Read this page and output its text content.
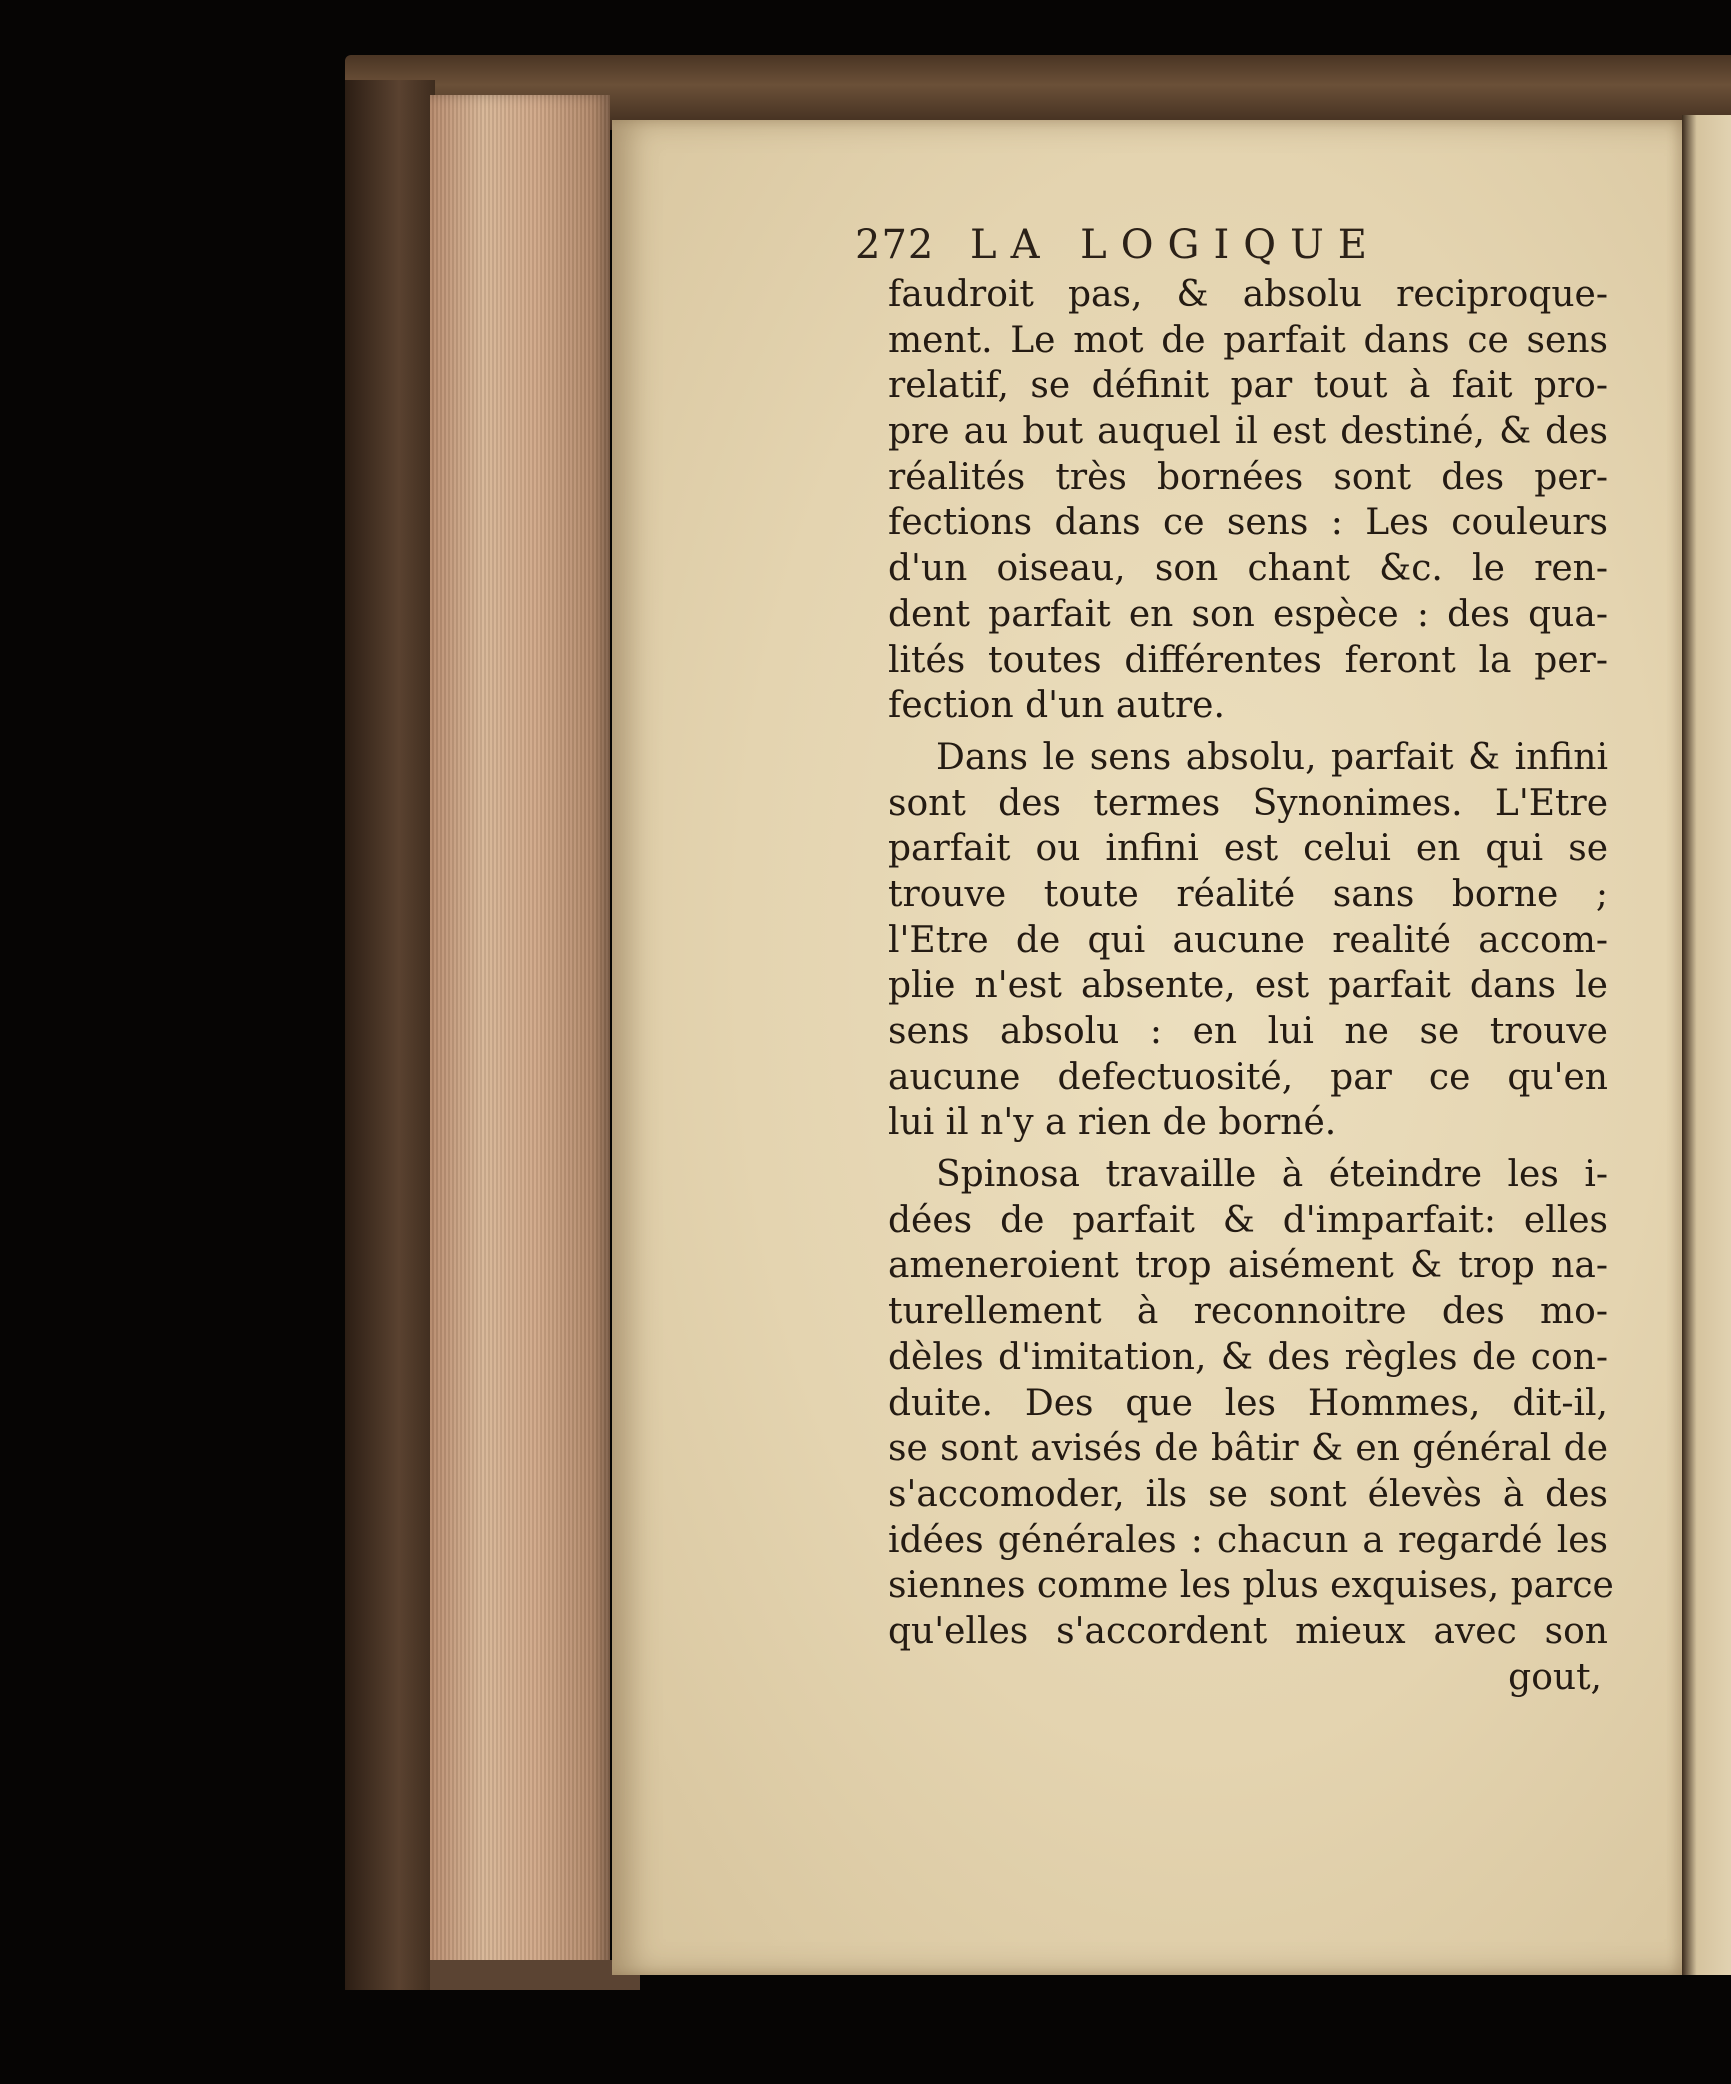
272 LA LOGIQUE
faudroit pas, & absolu reciproque-
ment. Le mot de parfait dans ce sens
relatif, se définit par tout à fait pro-
pre au but auquel il est destiné, & des
réalités très bornées sont des per-
fections dans ce sens : Les couleurs
d'un oiseau, son chant &c. le ren-
dent parfait en son espèce : des qua-
lités toutes différentes feront la per-
fection d'un autre.
Dans le sens absolu, parfait & infini
sont des termes Synonimes. L'Etre
parfait ou infini est celui en qui se
trouve toute réalité sans borne ;
l'Etre de qui aucune realité accom-
plie n'est absente, est parfait dans le
sens absolu : en lui ne se trouve
aucune defectuosité, par ce qu'en
lui il n'y a rien de borné.
Spinosa travaille à éteindre les i-
dées de parfait & d'imparfait: elles
ameneroient trop aisément & trop na-
turellement à reconnoitre des mo-
dèles d'imitation, & des règles de con-
duite. Des que les Hommes, dit-il,
se sont avisés de bâtir & en général de
s'accomoder, ils se sont élevès à des
idées générales : chacun a regardé les
siennes comme les plus exquises, parce
qu'elles s'accordent mieux avec son
gout,
